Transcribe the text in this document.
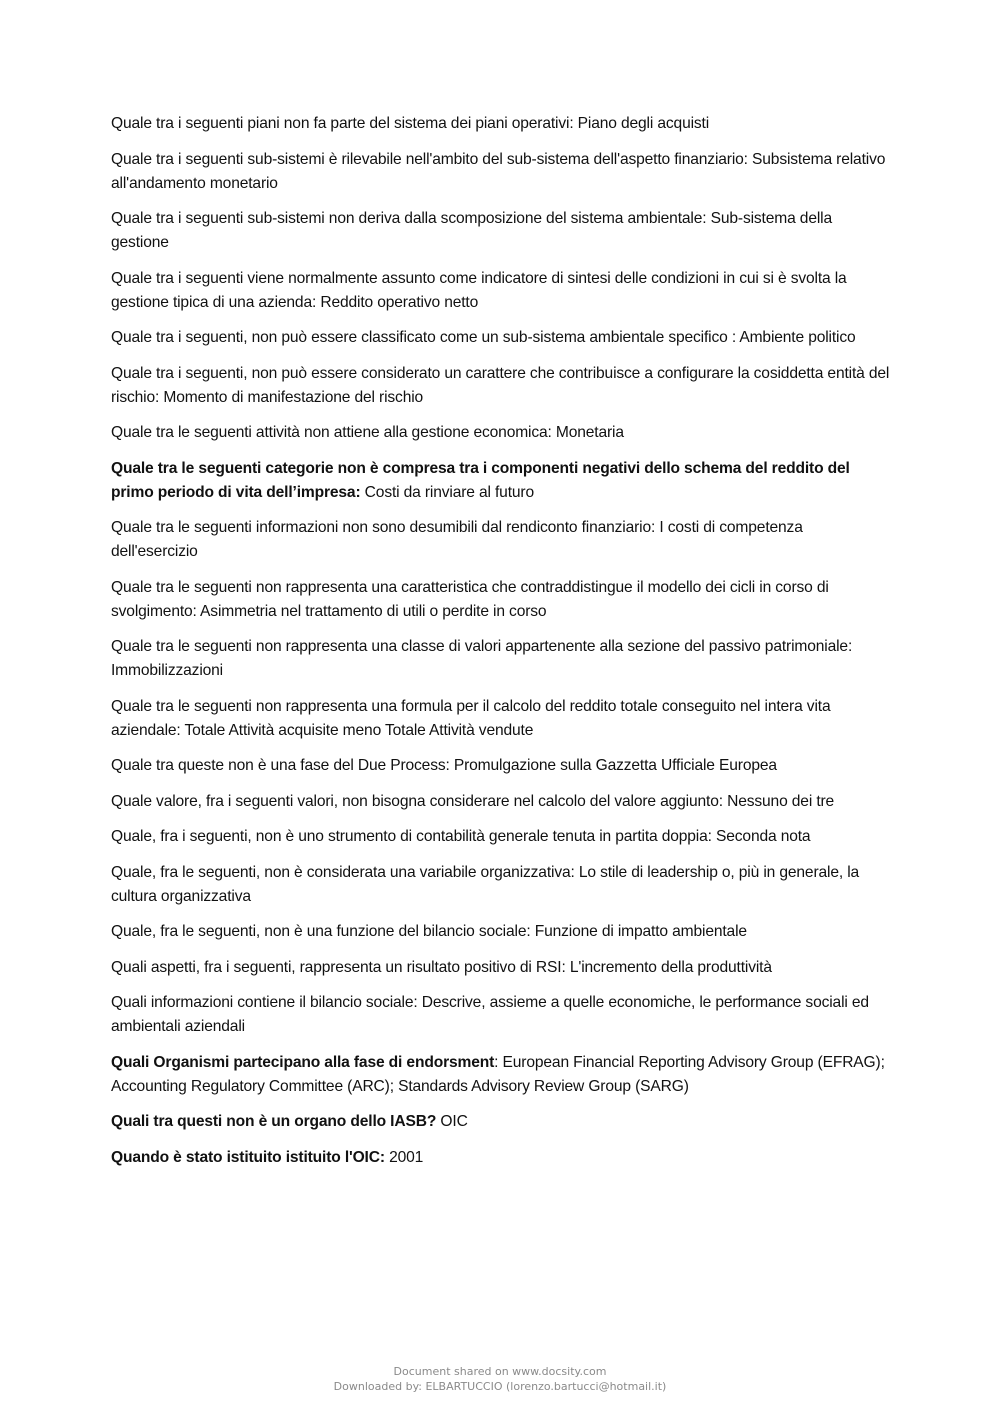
Quale tra i seguenti piani non fa parte del sistema dei piani operativi: Piano degli acquisti

Quale tra i seguenti sub-sistemi è rilevabile nell'ambito del sub-sistema dell'aspetto finanziario: Subsistema relativo all'andamento monetario

Quale tra i seguenti sub-sistemi non deriva dalla scomposizione del sistema ambientale: Sub-sistema della gestione

Quale tra i seguenti viene normalmente assunto come indicatore di sintesi delle condizioni in cui si è svolta la gestione tipica di una azienda: Reddito operativo netto

Quale tra i seguenti, non può essere classificato come un sub-sistema ambientale specifico : Ambiente politico

Quale tra i seguenti, non può essere considerato un carattere che contribuisce a configurare la cosiddetta entità del rischio: Momento di manifestazione del rischio

Quale tra le seguenti attività non attiene alla gestione economica: Monetaria

Quale tra le seguenti categorie non è compresa tra i componenti negativi dello schema del reddito del primo periodo di vita dell’impresa: Costi da rinviare al futuro

Quale tra le seguenti informazioni non sono desumibili dal rendiconto finanziario: I costi di competenza dell'esercizio

Quale tra le seguenti non rappresenta una caratteristica che contraddistingue il modello dei cicli in corso di svolgimento: Asimmetria nel trattamento di utili o perdite in corso

Quale tra le seguenti non rappresenta una classe di valori appartenente alla sezione del passivo patrimoniale: Immobilizzazioni

Quale tra le seguenti non rappresenta una formula per il calcolo del reddito totale conseguito nel intera vita aziendale: Totale Attività acquisite meno Totale Attività vendute

Quale tra queste non è una fase del Due Process: Promulgazione sulla Gazzetta Ufficiale Europea

Quale valore, fra i seguenti valori, non bisogna considerare nel calcolo del valore aggiunto: Nessuno dei tre

Quale, fra i seguenti, non è uno strumento di contabilità generale tenuta in partita doppia: Seconda nota

Quale, fra le seguenti, non è considerata una variabile organizzativa: Lo stile di leadership o, più in generale, la cultura organizzativa

Quale, fra le seguenti, non è una funzione del bilancio sociale: Funzione di impatto ambientale

Quali aspetti, fra i seguenti, rappresenta un risultato positivo di RSI: L'incremento della produttività

Quali informazioni contiene il bilancio sociale: Descrive, assieme a quelle economiche, le performance sociali ed ambientali aziendali

Quali Organismi partecipano alla fase di endorsment: European Financial Reporting Advisory Group (EFRAG); Accounting Regulatory Committee (ARC); Standards Advisory Review Group (SARG)

Quali tra questi non è un organo dello IASB? OIC

Quando è stato istituito istituito l'OIC: 2001

Document shared on www.docsity.com
Downloaded by: ELBARTUCCIO (lorenzo.bartucci@hotmail.it)
